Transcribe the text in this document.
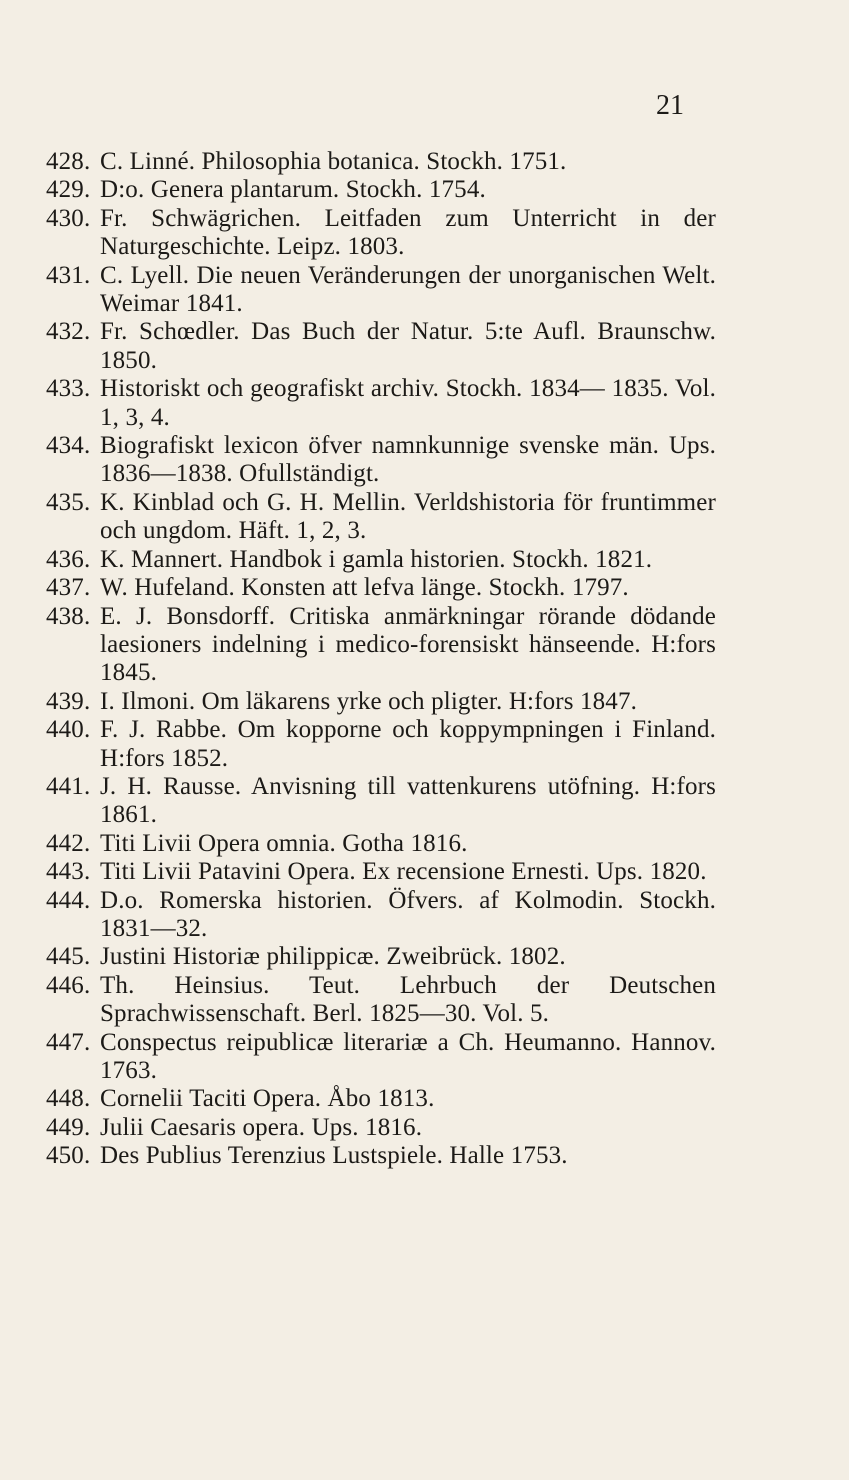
21
428. C. Linné. Philosophia botanica. Stockh. 1751.
429. D:o. Genera plantarum. Stockh. 1754.
430. Fr. Schwägrichen. Leitfaden zum Unterricht in der Naturgeschichte. Leipz. 1803.
431. C. Lyell. Die neuen Veränderungen der unorganischen Welt. Weimar 1841.
432. Fr. Schœdler. Das Buch der Natur. 5:te Aufl. Braunschw. 1850.
433. Historiskt och geografiskt archiv. Stockh. 1834— 1835. Vol. 1, 3, 4.
434. Biografiskt lexicon öfver namnkunnige svenske män. Ups. 1836—1838. Ofullständigt.
435. K. Kinblad och G. H. Mellin. Verldshistoria för fruntimmer och ungdom. Häft. 1, 2, 3.
436. K. Mannert. Handbok i gamla historien. Stockh. 1821.
437. W. Hufeland. Konsten att lefva länge. Stockh. 1797.
438. E. J. Bonsdorff. Critiska anmärkningar rörande dödande laesioners indelning i medico-forensiskt hänseende. H:fors 1845.
439. I. Ilmoni. Om läkarens yrke och pligter. H:fors 1847.
440. F. J. Rabbe. Om kopporne och koppympningen i Finland. H:fors 1852.
441. J. H. Rausse. Anvisning till vattenkurens utöfning. H:fors 1861.
442. Titi Livii Opera omnia. Gotha 1816.
443. Titi Livii Patavini Opera. Ex recensione Ernesti. Ups. 1820.
444. D.o. Romerska historien. Öfvers. af Kolmodin. Stockh. 1831—32.
445. Justini Historiæ philippicæ. Zweibrück. 1802.
446. Th. Heinsius. Teut. Lehrbuch der Deutschen Sprachwissenschaft. Berl. 1825—30. Vol. 5.
447. Conspectus reipublicæ literariæ a Ch. Heumanno. Hannov. 1763.
448. Cornelii Taciti Opera. Åbo 1813.
449. Julii Caesaris opera. Ups. 1816.
450. Des Publius Terenzius Lustspiele. Halle 1753.
